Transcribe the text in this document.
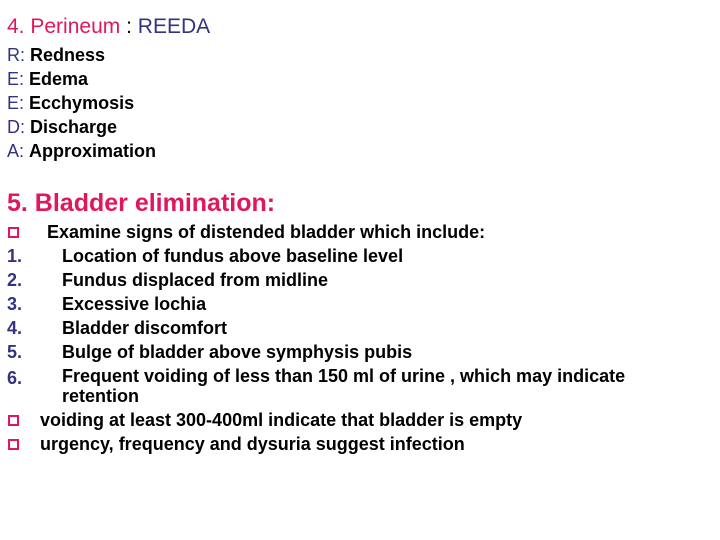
4. Perineum : REEDA
R: Redness
E: Edema
E: Ecchymosis
D: Discharge
A: Approximation
5. Bladder elimination:
Examine signs of distended bladder which include:
1. Location of fundus above baseline level
2. Fundus displaced from midline
3. Excessive lochia
4. Bladder discomfort
5. Bulge of bladder above symphysis pubis
6. Frequent voiding of less than 150 ml of urine , which may indicate retention
voiding at least 300-400ml indicate that bladder is empty
urgency, frequency and dysuria suggest infection
